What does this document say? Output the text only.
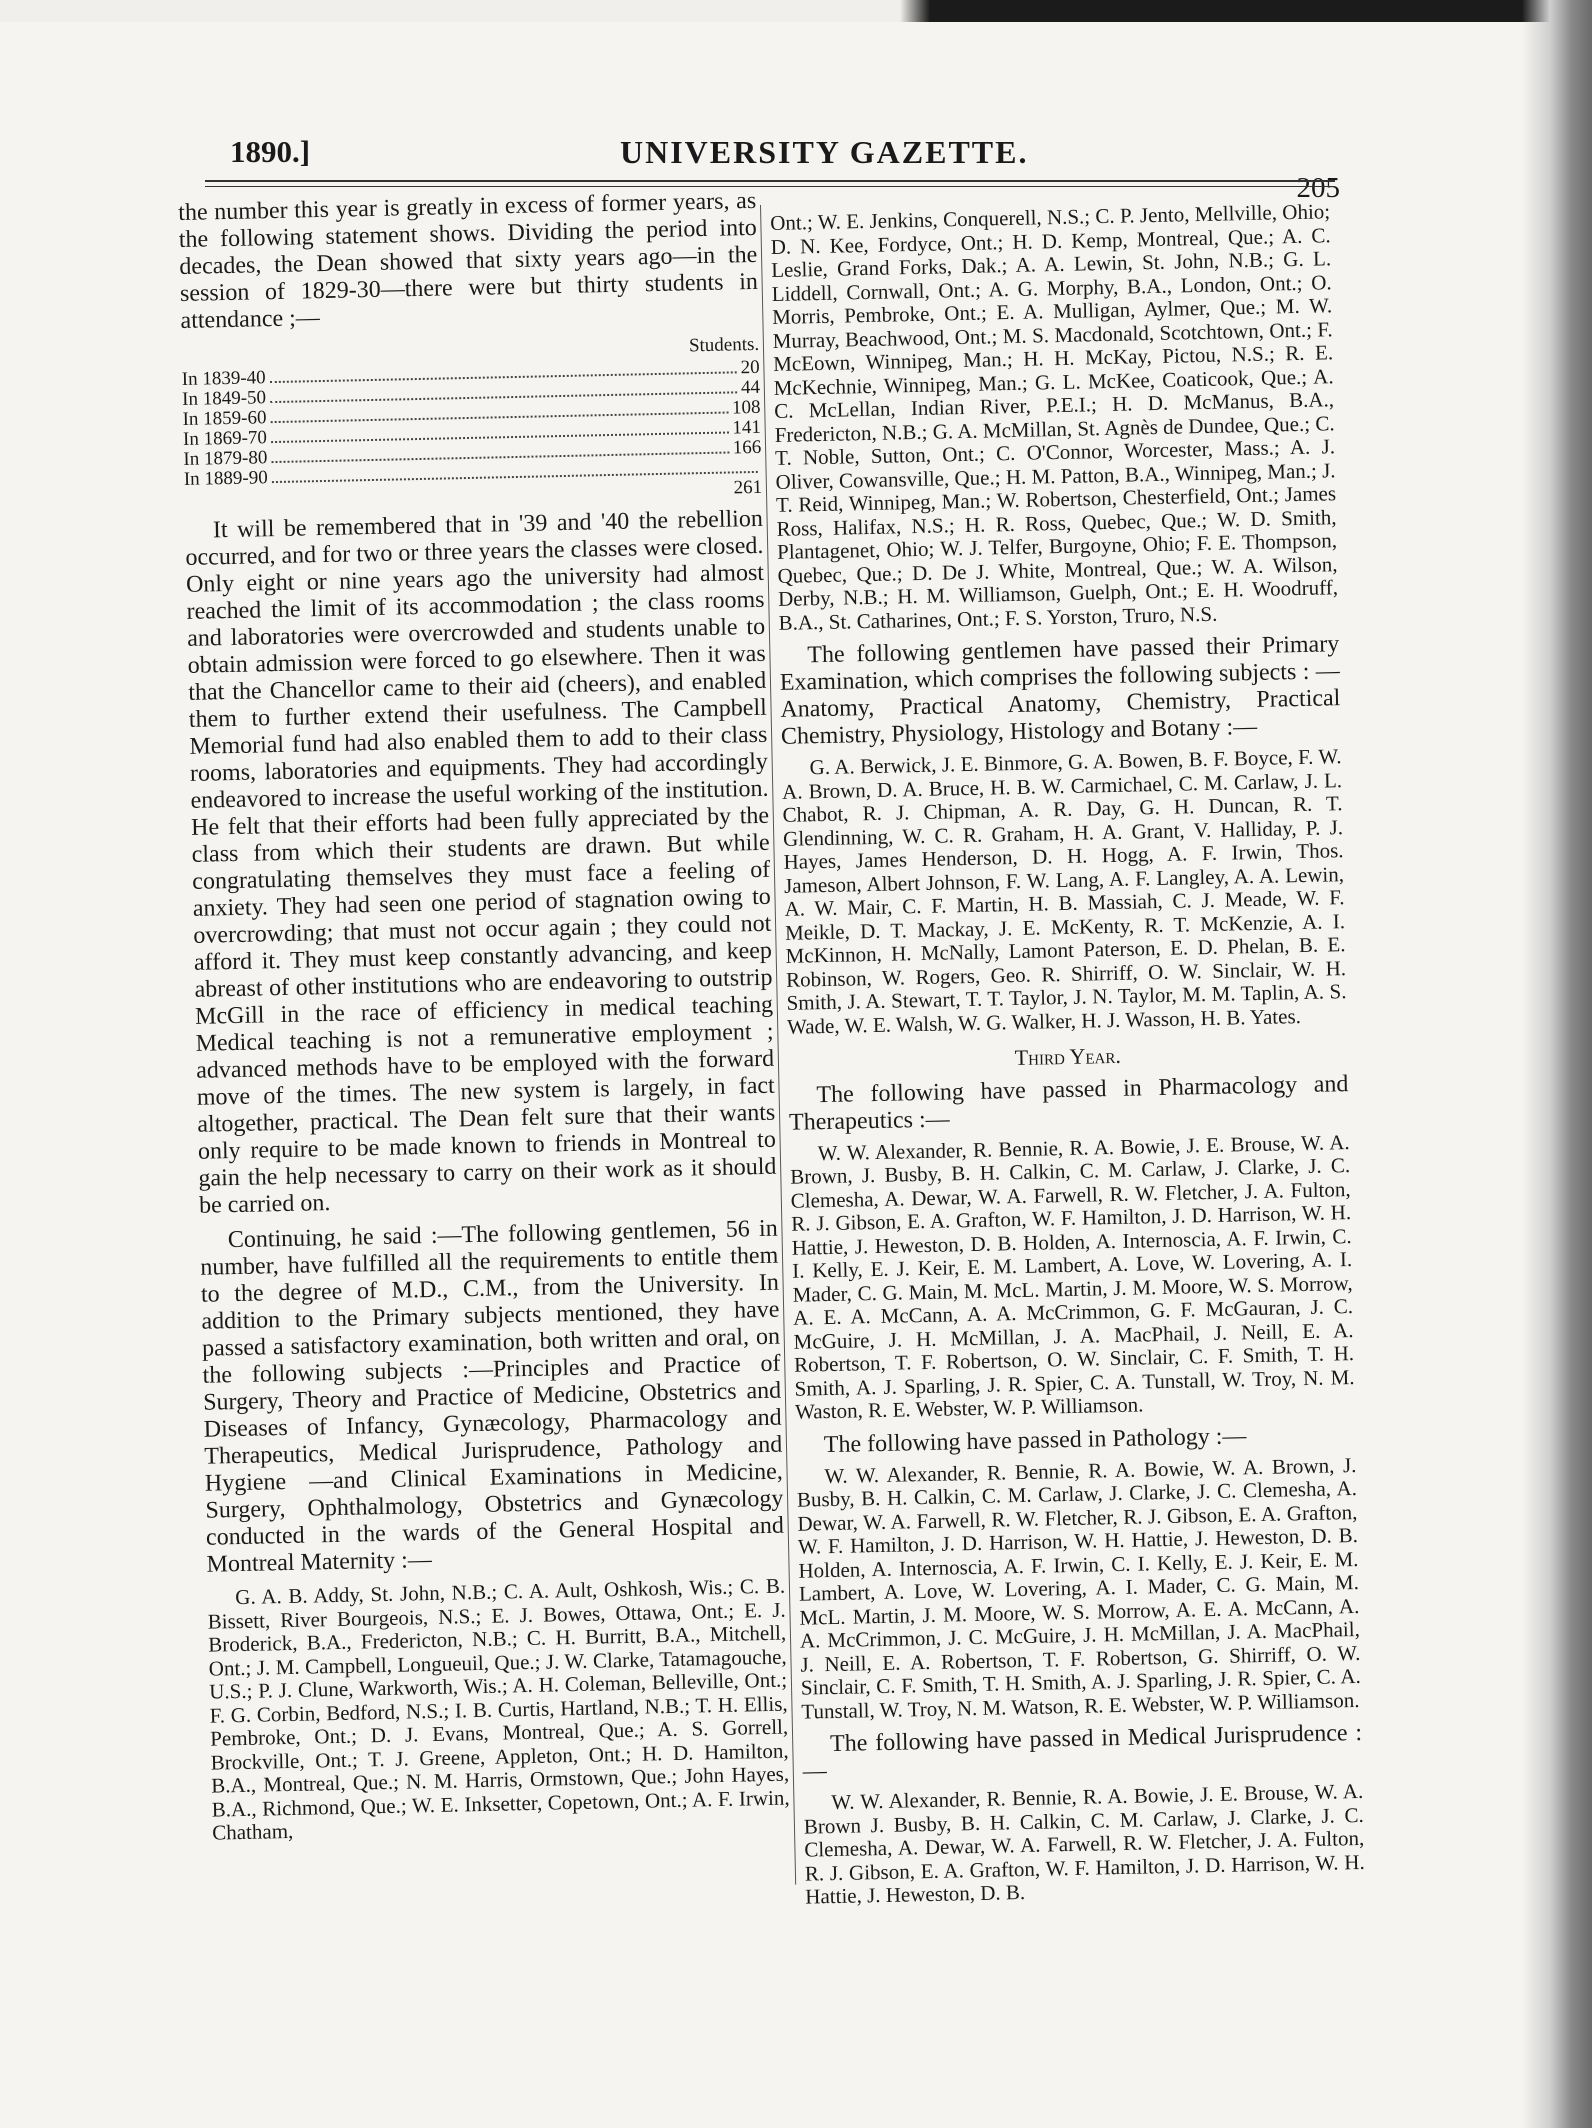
1890.]	UNIVERSITY GAZETTE.
205

the number this year is greatly in excess of former years, as the following statement shows. Dividing the period into decades, the Dean showed that sixty years ago—in the session of 1829-30—there were but thirty students in attendance ;—

Students.
In 1839-40	20
In 1849-50	44
In 1859-60	108
In 1869-70	141
In 1879-80	166
In 1889-90	261

It will be remembered that in '39 and '40 the rebellion occurred, and for two or three years the classes were closed. Only eight or nine years ago the university had almost reached the limit of its accommodation ; the class rooms and laboratories were overcrowded and students unable to obtain admission were forced to go elsewhere. Then it was that the Chancellor came to their aid (cheers), and enabled them to further extend their usefulness. The Campbell Memorial fund had also enabled them to add to their class rooms, laboratories and equipments. They had accordingly endeavored to increase the useful working of the institution. He felt that their efforts had been fully appreciated by the class from which their students are drawn. But while congratulating themselves they must face a feeling of anxiety. They had seen one period of stagnation owing to overcrowding; that must not occur again ; they could not afford it. They must keep constantly advancing, and keep abreast of other institutions who are endeavoring to outstrip McGill in the race of efficiency in medical teaching Medical teaching is not a remunerative employment ; advanced methods have to be employed with the forward move of the times. The new system is largely, in fact altogether, practical. The Dean felt sure that their wants only require to be made known to friends in Montreal to gain the help necessary to carry on their work as it should be carried on.

Continuing, he said :—The following gentlemen, 56 in number, have fulfilled all the requirements to entitle them to the degree of M.D., C.M., from the University. In addition to the Primary subjects mentioned, they have passed a satisfactory examination, both written and oral, on the following subjects :—Principles and Practice of Surgery, Theory and Practice of Medicine, Obstetrics and Diseases of Infancy, Gynæcology, Pharmacology and Therapeutics, Medical Jurisprudence, Pathology and Hygiene —and Clinical Examinations in Medicine, Surgery, Ophthalmology, Obstetrics and Gynæcology conducted in the wards of the General Hospital and Montreal Maternity :—

G. A. B. Addy, St. John, N.B.; C. A. Ault, Oshkosh, Wis.; C. B. Bissett, River Bourgeois, N.S.; E. J. Bowes, Ottawa, Ont.; E. J. Broderick, B.A., Fredericton, N.B.; C. H. Burritt, B.A., Mitchell, Ont.; J. M. Campbell, Longueuil, Que.; J. W. Clarke, Tatamagouche, U.S.; P. J. Clune, Warkworth, Wis.; A. H. Coleman, Belleville, Ont.; F. G. Corbin, Bedford, N.S.; I. B. Curtis, Hartland, N.B.; T. H. Ellis, Pembroke, Ont.; D. J. Evans, Montreal, Que.; A. S. Gorrell, Brockville, Ont.; T. J. Greene, Appleton, Ont.; H. D. Hamilton, B.A., Montreal, Que.; N. M. Harris, Ormstown, Que.; John Hayes, B.A., Richmond, Que.; W. E. Inksetter, Copetown, Ont.; A. F. Irwin, Chatham,

Ont.; W. E. Jenkins, Conquerell, N.S.; C. P. Jento, Mellville, Ohio; D. N. Kee, Fordyce, Ont.; H. D. Kemp, Montreal, Que.; A. C. Leslie, Grand Forks, Dak.; A. A. Lewin, St. John, N.B.; G. L. Liddell, Cornwall, Ont.; A. G. Morphy, B.A., London, Ont.; O. Morris, Pembroke, Ont.; E. A. Mulligan, Aylmer, Que.; M. W. Murray, Beachwood, Ont.; M. S. Macdonald, Scotchtown, Ont.; F. McEown, Winnipeg, Man.; H. H. McKay, Pictou, N.S.; R. E. McKechnie, Winnipeg, Man.; G. L. McKee, Coaticook, Que.; A. C. McLellan, Indian River, P.E.I.; H. D. McManus, B.A., Fredericton, N.B.; G. A. McMillan, St. Agnès de Dundee, Que.; C. T. Noble, Sutton, Ont.; C. O'Connor, Worcester, Mass.; A. J. Oliver, Cowansville, Que.; H. M. Patton, B.A., Winnipeg, Man.; J. T. Reid, Winnipeg, Man.; W. Robertson, Chesterfield, Ont.; James Ross, Halifax, N.S.; H. R. Ross, Quebec, Que.; W. D. Smith, Plantagenet, Ohio; W. J. Telfer, Burgoyne, Ohio; F. E. Thompson, Quebec, Que.; D. De J. White, Montreal, Que.; W. A. Wilson, Derby, N.B.; H. M. Williamson, Guelph, Ont.; E. H. Woodruff, B.A., St. Catharines, Ont.; F. S. Yorston, Truro, N.S.

The following gentlemen have passed their Primary Examination, which comprises the following subjects : —Anatomy, Practical Anatomy, Chemistry, Practical Chemistry, Physiology, Histology and Botany :—

G. A. Berwick, J. E. Binmore, G. A. Bowen, B. F. Boyce, F. W. A. Brown, D. A. Bruce, H. B. W. Carmichael, C. M. Carlaw, J. L. Chabot, R. J. Chipman, A. R. Day, G. H. Duncan, R. T. Glendinning, W. C. R. Graham, H. A. Grant, V. Halliday, P. J. Hayes, James Henderson, D. H. Hogg, A. F. Irwin, Thos. Jameson, Albert Johnson, F. W. Lang, A. F. Langley, A. A. Lewin, A. W. Mair, C. F. Martin, H. B. Massiah, C. J. Meade, W. F. Meikle, D. T. Mackay, J. E. McKenty, R. T. McKenzie, A. I. McKinnon, H. McNally, Lamont Paterson, E. D. Phelan, B. E. Robinson, W. Rogers, Geo. R. Shirriff, O. W. Sinclair, W. H. Smith, J. A. Stewart, T. T. Taylor, J. N. Taylor, M. M. Taplin, A. S. Wade, W. E. Walsh, W. G. Walker, H. J. Wasson, H. B. Yates.

Third Year.

The following have passed in Pharmacology and Therapeutics :—

W. W. Alexander, R. Bennie, R. A. Bowie, J. E. Brouse, W. A. Brown, J. Busby, B. H. Calkin, C. M. Carlaw, J. Clarke, J. C. Clemesha, A. Dewar, W. A. Farwell, R. W. Fletcher, J. A. Fulton, R. J. Gibson, E. A. Grafton, W. F. Hamilton, J. D. Harrison, W. H. Hattie, J. Heweston, D. B. Holden, A. Internoscia, A. F. Irwin, C. I. Kelly, E. J. Keir, E. M. Lambert, A. Love, W. Lovering, A. I. Mader, C. G. Main, M. McL. Martin, J. M. Moore, W. S. Morrow, A. E. A. McCann, A. A. McCrimmon, G. F. McGauran, J. C. McGuire, J. H. McMillan, J. A. MacPhail, J. Neill, E. A. Robertson, T. F. Robertson, O. W. Sinclair, C. F. Smith, T. H. Smith, A. J. Sparling, J. R. Spier, C. A. Tunstall, W. Troy, N. M. Waston, R. E. Webster, W. P. Williamson.

The following have passed in Pathology :—

W. W. Alexander, R. Bennie, R. A. Bowie, W. A. Brown, J. Busby, B. H. Calkin, C. M. Carlaw, J. Clarke, J. C. Clemesha, A. Dewar, W. A. Farwell, R. W. Fletcher, R. J. Gibson, E. A. Grafton, W. F. Hamilton, J. D. Harrison, W. H. Hattie, J. Heweston, D. B. Holden, A. Internoscia, A. F. Irwin, C. I. Kelly, E. J. Keir, E. M. Lambert, A. Love, W. Lovering, A. I. Mader, C. G. Main, M. McL. Martin, J. M. Moore, W. S. Morrow, A. E. A. McCann, A. A. McCrimmon, J. C. McGuire, J. H. McMillan, J. A. MacPhail, J. Neill, E. A. Robertson, T. F. Robertson, G. Shirriff, O. W. Sinclair, C. F. Smith, T. H. Smith, A. J. Sparling, J. R. Spier, C. A. Tunstall, W. Troy, N. M. Watson, R. E. Webster, W. P. Williamson.

The following have passed in Medical Jurisprudence :—

W. W. Alexander, R. Bennie, R. A. Bowie, J. E. Brouse, W. A. Brown J. Busby, B. H. Calkin, C. M. Carlaw, J. Clarke, J. C. Clemesha, A. Dewar, W. A. Farwell, R. W. Fletcher, J. A. Fulton, R. J. Gibson, E. A. Grafton, W. F. Hamilton, J. D. Harrison, W. H. Hattie, J. Heweston, D. B.
